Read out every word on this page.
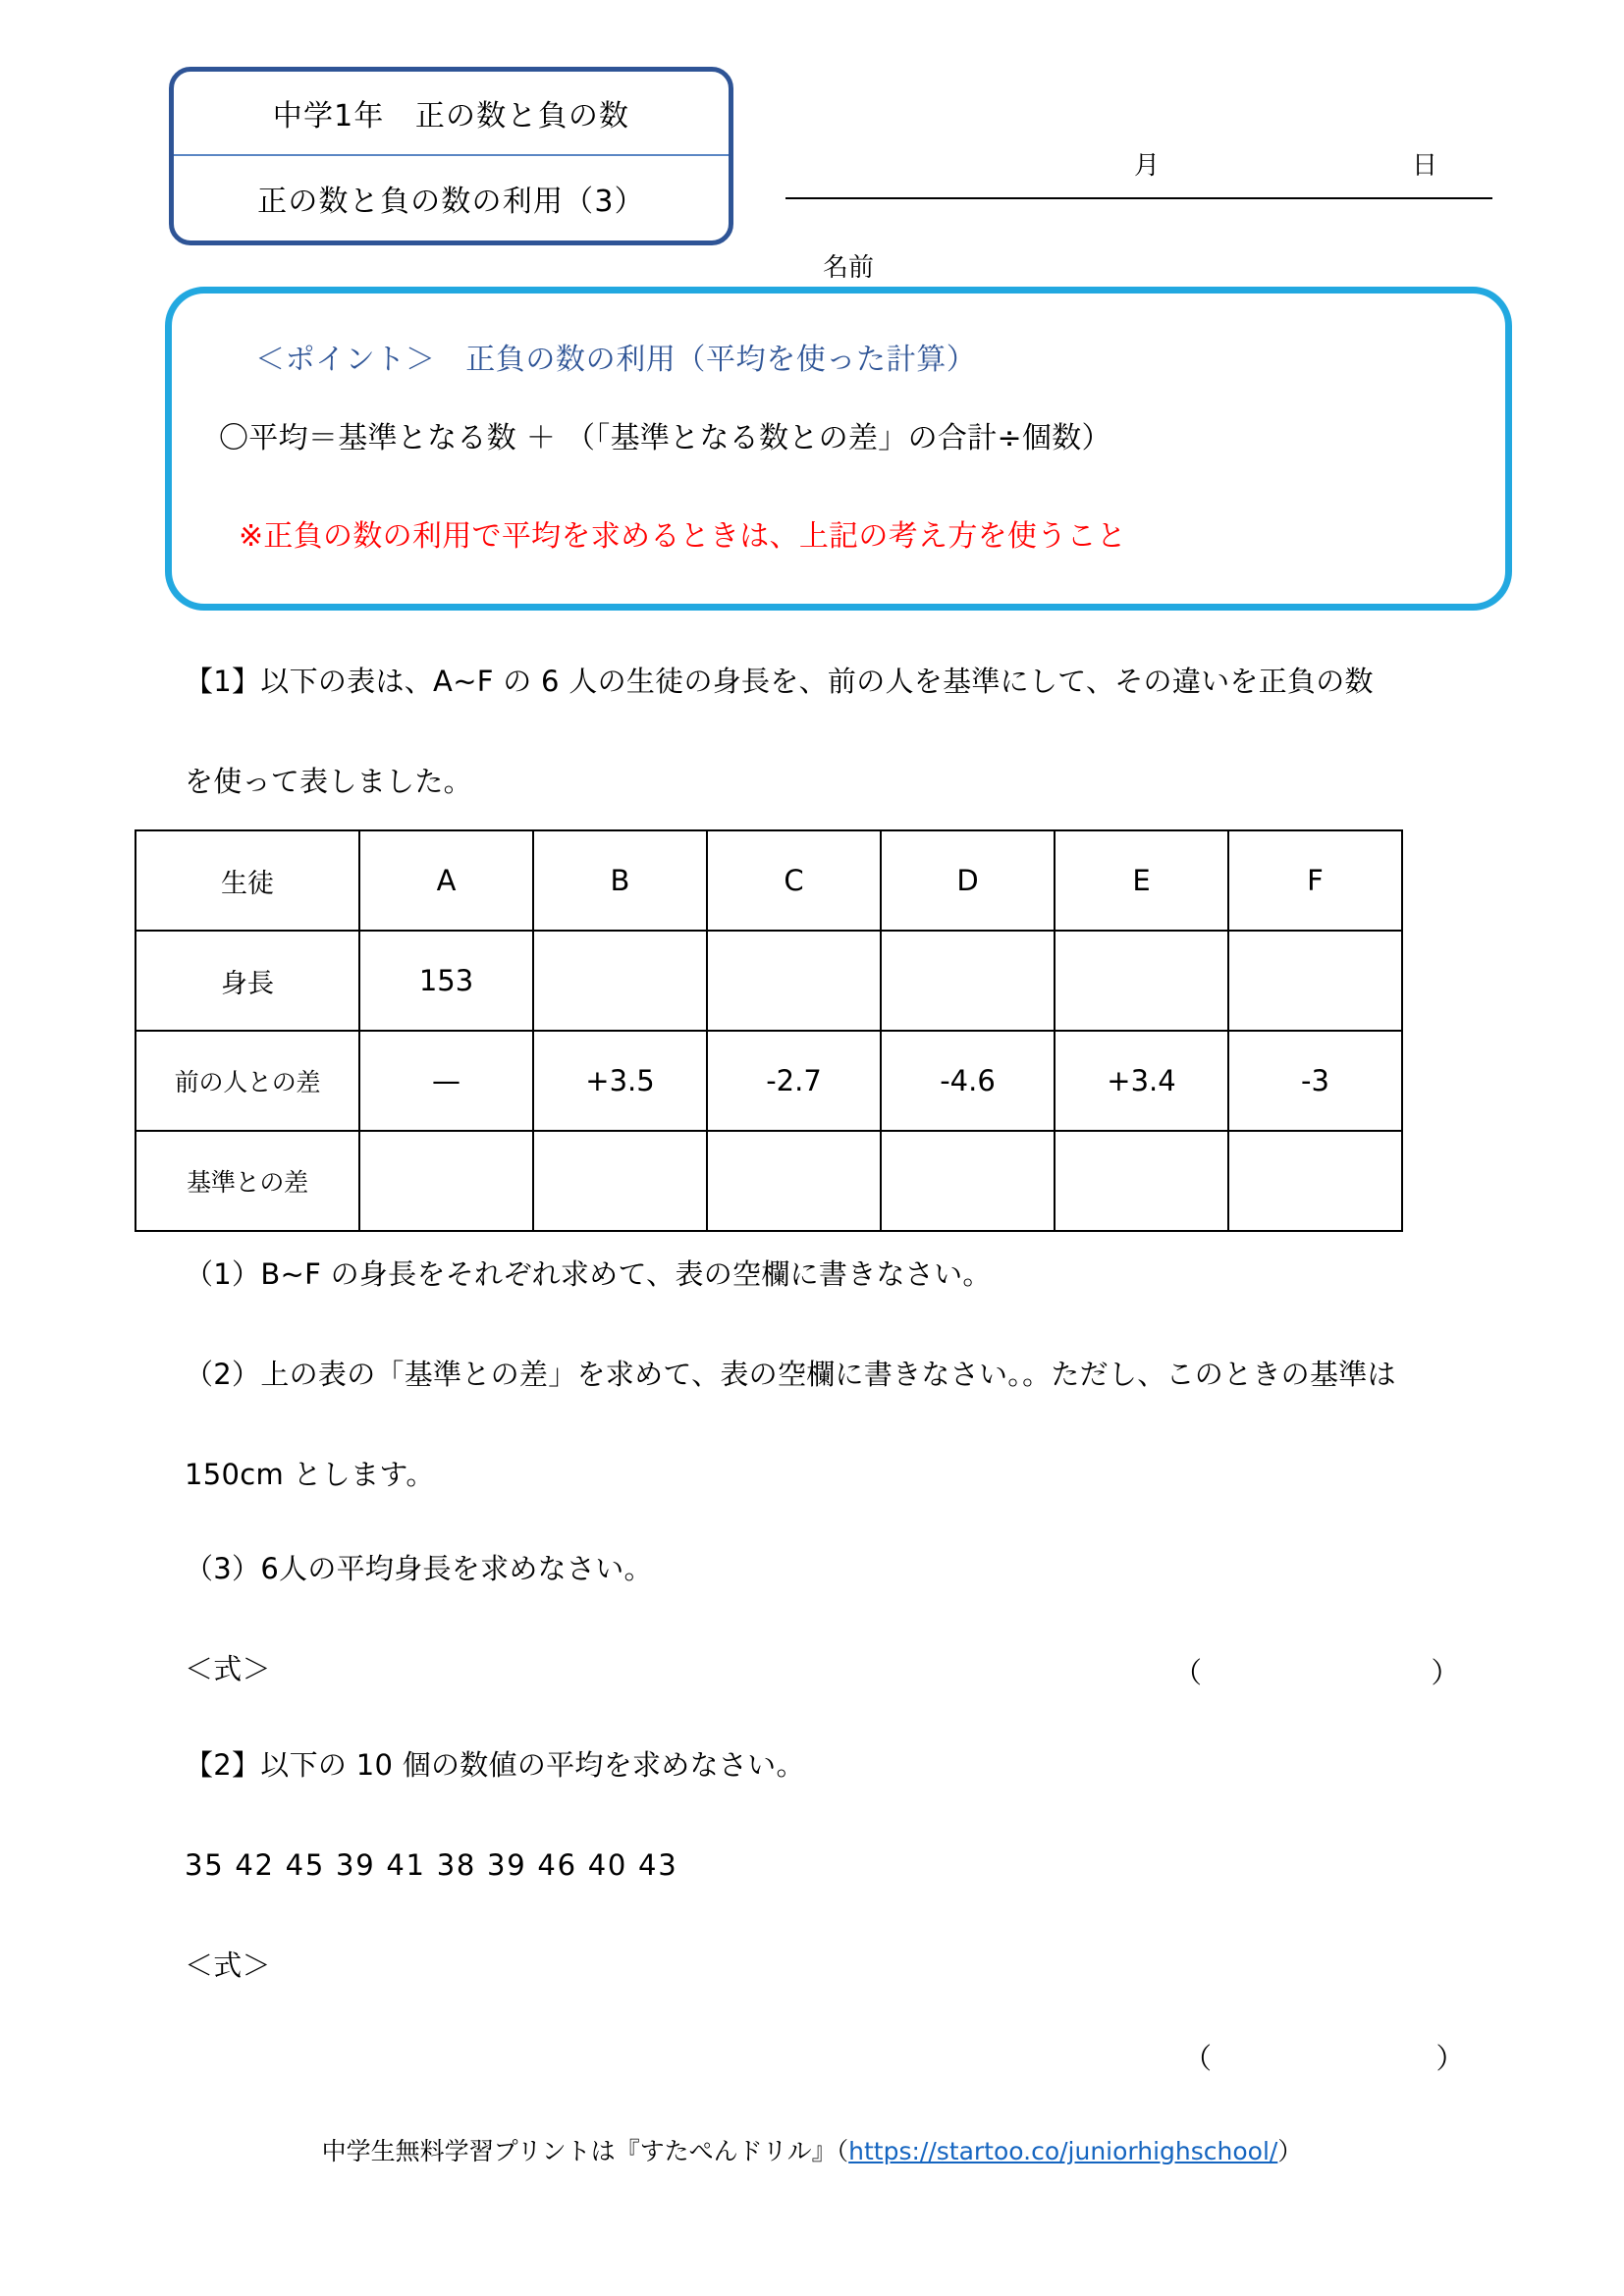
中学1年　正の数と負の数
正の数と負の数の利用（3）
月	日
名前
＜ポイント＞　正負の数の利用（平均を使った計算）
〇平均＝基準となる数 ＋ （「基準となる数との差」の合計÷個数）
※正負の数の利用で平均を求めるときは、上記の考え方を使うこと
【1】以下の表は、A~F の 6 人の生徒の身長を、前の人を基準にして、その違いを正負の数
を使って表しました。
生徒	A	B	C	D	E	F
身長	153					
前の人との差	—	+3.5	-2.7	-4.6	+3.4	-3
基準との差						
（1）B~F の身長をそれぞれ求めて、表の空欄に書きなさい。
（2）上の表の「基準との差」を求めて、表の空欄に書きなさい。。ただし、このときの基準は
150cm とします。
（3）6人の平均身長を求めなさい。
＜式＞	（	）
【2】以下の 10 個の数値の平均を求めなさい。
35 42 45 39 41 38 39 46 40 43
＜式＞
（	）
中学生無料学習プリントは『すたぺんドリル』（https://startoo.co/juniorhighschool/）
